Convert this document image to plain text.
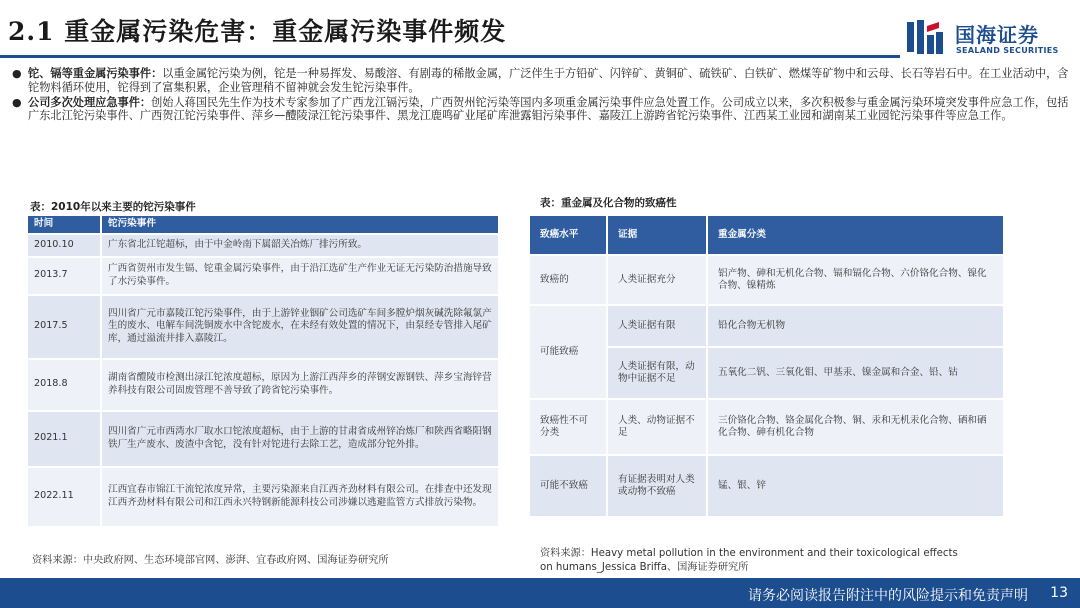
2.1 重金属污染危害：重金属污染事件频发	国海证券
SEALAND SECURITIES
● 铊、镉等重金属污染事件：以重金属铊污染为例，铊是一种易挥发、易酸溶、有剧毒的稀散金属，广泛伴生于方铅矿、闪锌矿、黄铜矿、硫铁矿、白铁矿、燃煤等矿物中和云母、长石等岩石中。在工业活动中，含铊物料循环使用，铊得到了富集积累，企业管理稍不留神就会发生铊污染事件。
● 公司多次处理应急事件：创始人蒋国民先生作为技术专家参加了广西龙江镉污染，广西贺州铊污染等国内多项重金属污染事件应急处置工作。公司成立以来，多次积极参与重金属污染环境突发事件应急工作，包括广东北江铊污染事件、广西贺江铊污染事件、萍乡—醴陵渌江铊污染事件、黑龙江鹿鸣矿业尾矿库泄露钼污染事件、嘉陵江上游跨省铊污染事件、江西某工业园和湖南某工业园铊污染事件等应急工作。
表：2010年以来主要的铊污染事件
时间	铊污染事件
2010.10	广东省北江铊超标，由于中金岭南下属韶关冶炼厂排污所致。
2013.7	广西省贺州市发生镉、铊重金属污染事件，由于沿江选矿生产作业无证无污染防治措施导致了水污染事件。
2017.5	四川省广元市嘉陵江铊污染事件，由于上游锌业铟矿公司选矿车间多膛炉烟灰碱洗除氟氯产生的废水、电解车间洗铜废水中含铊废水，在未经有效处置的情况下，由泵经专管排入尾矿库，通过溢流井排入嘉陵江。
2018.8	湖南省醴陵市检测出渌江铊浓度超标，原因为上游江西萍乡的萍钢安源钢铁、萍乡宝海锌营养科技有限公司固废管理不善导致了跨省铊污染事件。
2021.1	四川省广元市西湾水厂取水口铊浓度超标，由于上游的甘肃省成州锌冶炼厂和陕西省略阳钢铁厂生产废水、废渣中含铊，没有针对铊进行去除工艺，造成部分铊外排。
2022.11	江西宜春市锦江干流铊浓度异常，主要污染源来自江西齐劲材料有限公司。在排查中还发现江西齐劲材料有限公司和江西永兴特钢新能源科技公司涉嫌以逃避监管方式排放污染物。
资料来源：中央政府网、生态环境部官网、澎湃、宜春政府网、国海证券研究所
表：重金属及化合物的致癌性
致癌水平	证据	重金属分类
致癌的	人类证据充分	铝产物、砷和无机化合物、镉和镉化合物、六价铬化合物、镍化合物、镍精炼
可能致癌	人类证据有限	铅化合物无机物
	人类证据有限，动物中证据不足	五氧化二钒、三氧化钼、甲基汞、镍金属和合金、铅、钴
致癌性不可分类	人类、动物证据不足	三价铬化合物、铬金属化合物、铜、汞和无机汞化合物、硒和硒化合物、砷有机化合物
可能不致癌	有证据表明对人类或动物不致癌	锰、银、锌
资料来源：Heavy metal pollution in the environment and their toxicological effects
on humans_Jessica Briffa、国海证券研究所
请务必阅读报告附注中的风险提示和免责声明 13
